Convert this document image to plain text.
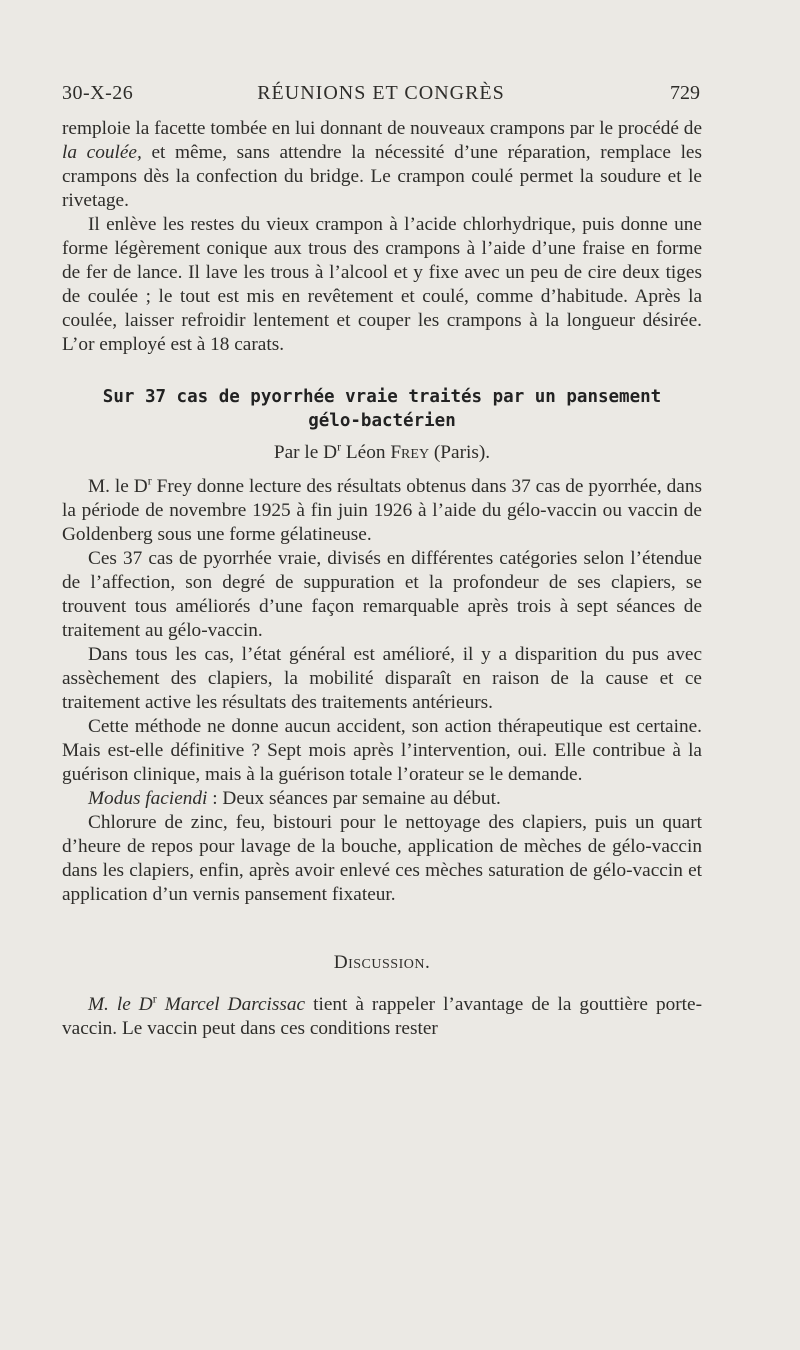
30-X-26	RÉUNIONS ET CONGRÈS	729

remploie la facette tombée en lui donnant de nouveaux crampons par le procédé de la coulée, et même, sans attendre la nécessité d’une réparation, remplace les crampons dès la confection du bridge. Le crampon coulé permet la soudure et le rivetage.

Il enlève les restes du vieux crampon à l’acide chlorhydrique, puis donne une forme légèrement conique aux trous des crampons à l’aide d’une fraise en forme de fer de lance. Il lave les trous à l’alcool et y fixe avec un peu de cire deux tiges de coulée ; le tout est mis en revêtement et coulé, comme d’habitude. Après la coulée, laisser refroidir lentement et couper les crampons à la longueur désirée. L’or employé est à 18 carats.

Sur 37 cas de pyorrhée vraie traités par un pansement
gélo-bactérien
Par le $D^r$ Léon Frey (Paris).

M. le $D^r$ Frey donne lecture des résultats obtenus dans 37 cas de pyorrhée, dans la période de novembre 1925 à fin juin 1926 à l’aide du gélo-vaccin ou vaccin de Goldenberg sous une forme gélatineuse.

Ces 37 cas de pyorrhée vraie, divisés en différentes catégories selon l’étendue de l’affection, son degré de suppuration et la profondeur de ses clapiers, se trouvent tous améliorés d’une façon remarquable après trois à sept séances de traitement au gélo-vaccin.

Dans tous les cas, l’état général est amélioré, il y a disparition du pus avec assèchement des clapiers, la mobilité disparaît en raison de la cause et ce traitement active les résultats des traitements antérieurs.

Cette méthode ne donne aucun accident, son action thérapeutique est certaine. Mais est-elle définitive ? Sept mois après l’intervention, oui. Elle contribue à la guérison clinique, mais à la guérison totale l’orateur se le demande.

Modus faciendi : Deux séances par semaine au début.

Chlorure de zinc, feu, bistouri pour le nettoyage des clapiers, puis un quart d’heure de repos pour lavage de la bouche, application de mèches de gélo-vaccin dans les clapiers, enfin, après avoir enlevé ces mèches saturation de gélo-vaccin et application d’un vernis pansement fixateur.

Discussion.

M. le $D^r$ Marcel Darcissac tient à rappeler l’avantage de la gouttière porte-vaccin. Le vaccin peut dans ces conditions rester
